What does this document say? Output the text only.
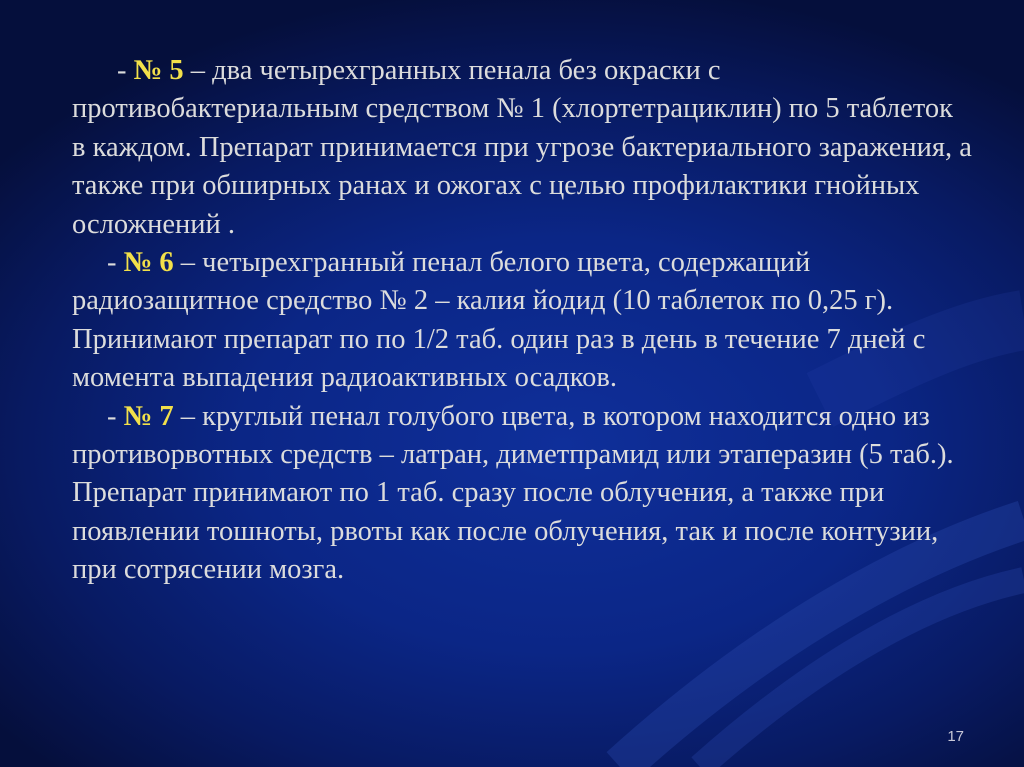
- № 5 – два четырехгранных пенала без окраски с противобактериальным средством № 1 (хлортетрациклин) по 5 таблеток в каждом. Препарат принимается при угрозе бактериального заражения, а также при обширных ранах и ожогах с целью профилактики гнойных осложнений .

- № 6 – четырехгранный пенал белого цвета, содержащий радиозащитное средство № 2 – калия йодид (10 таблеток по 0,25 г). Принимают препарат по по 1/2 таб. один раз в день в течение 7 дней с момента выпадения радиоактивных осадков.

- № 7 – круглый пенал голубого цвета, в котором находится одно из противорвотных средств – латран, диметпрамид или этаперазин (5 таб.). Препарат принимают по 1 таб. сразу после облучения, а также при появлении тошноты, рвоты как после облучения, так и после контузии, при сотрясении мозга.

17
